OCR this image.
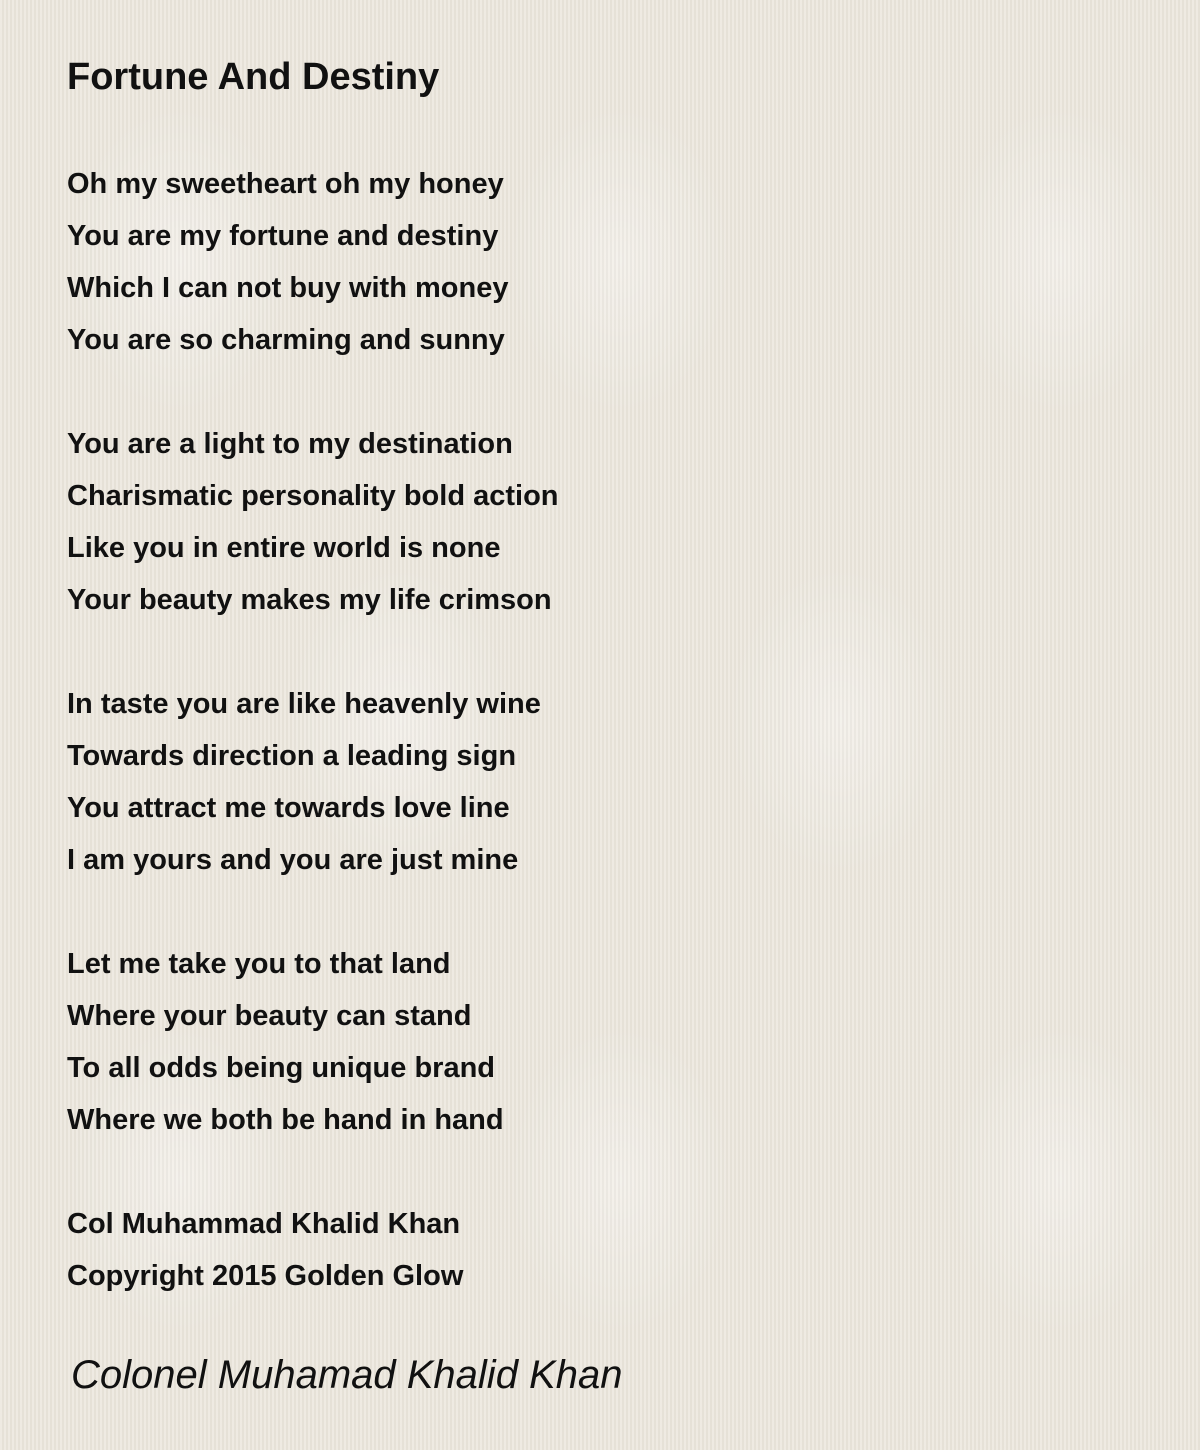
Fortune And Destiny
Oh my sweetheart oh my honey
You are my fortune and destiny
Which I can not buy with money
You are so charming and sunny
You are a light to my destination
Charismatic personality bold action
Like you in entire world is none
Your beauty makes my life crimson
In taste you are like heavenly wine
Towards direction a leading sign
You attract me towards love line
I am yours and you are just mine
Let me take you to that land
Where your beauty can stand
To all odds being unique brand
Where we both be hand in hand
Col Muhammad Khalid Khan
Copyright 2015 Golden Glow
Colonel Muhamad Khalid Khan
